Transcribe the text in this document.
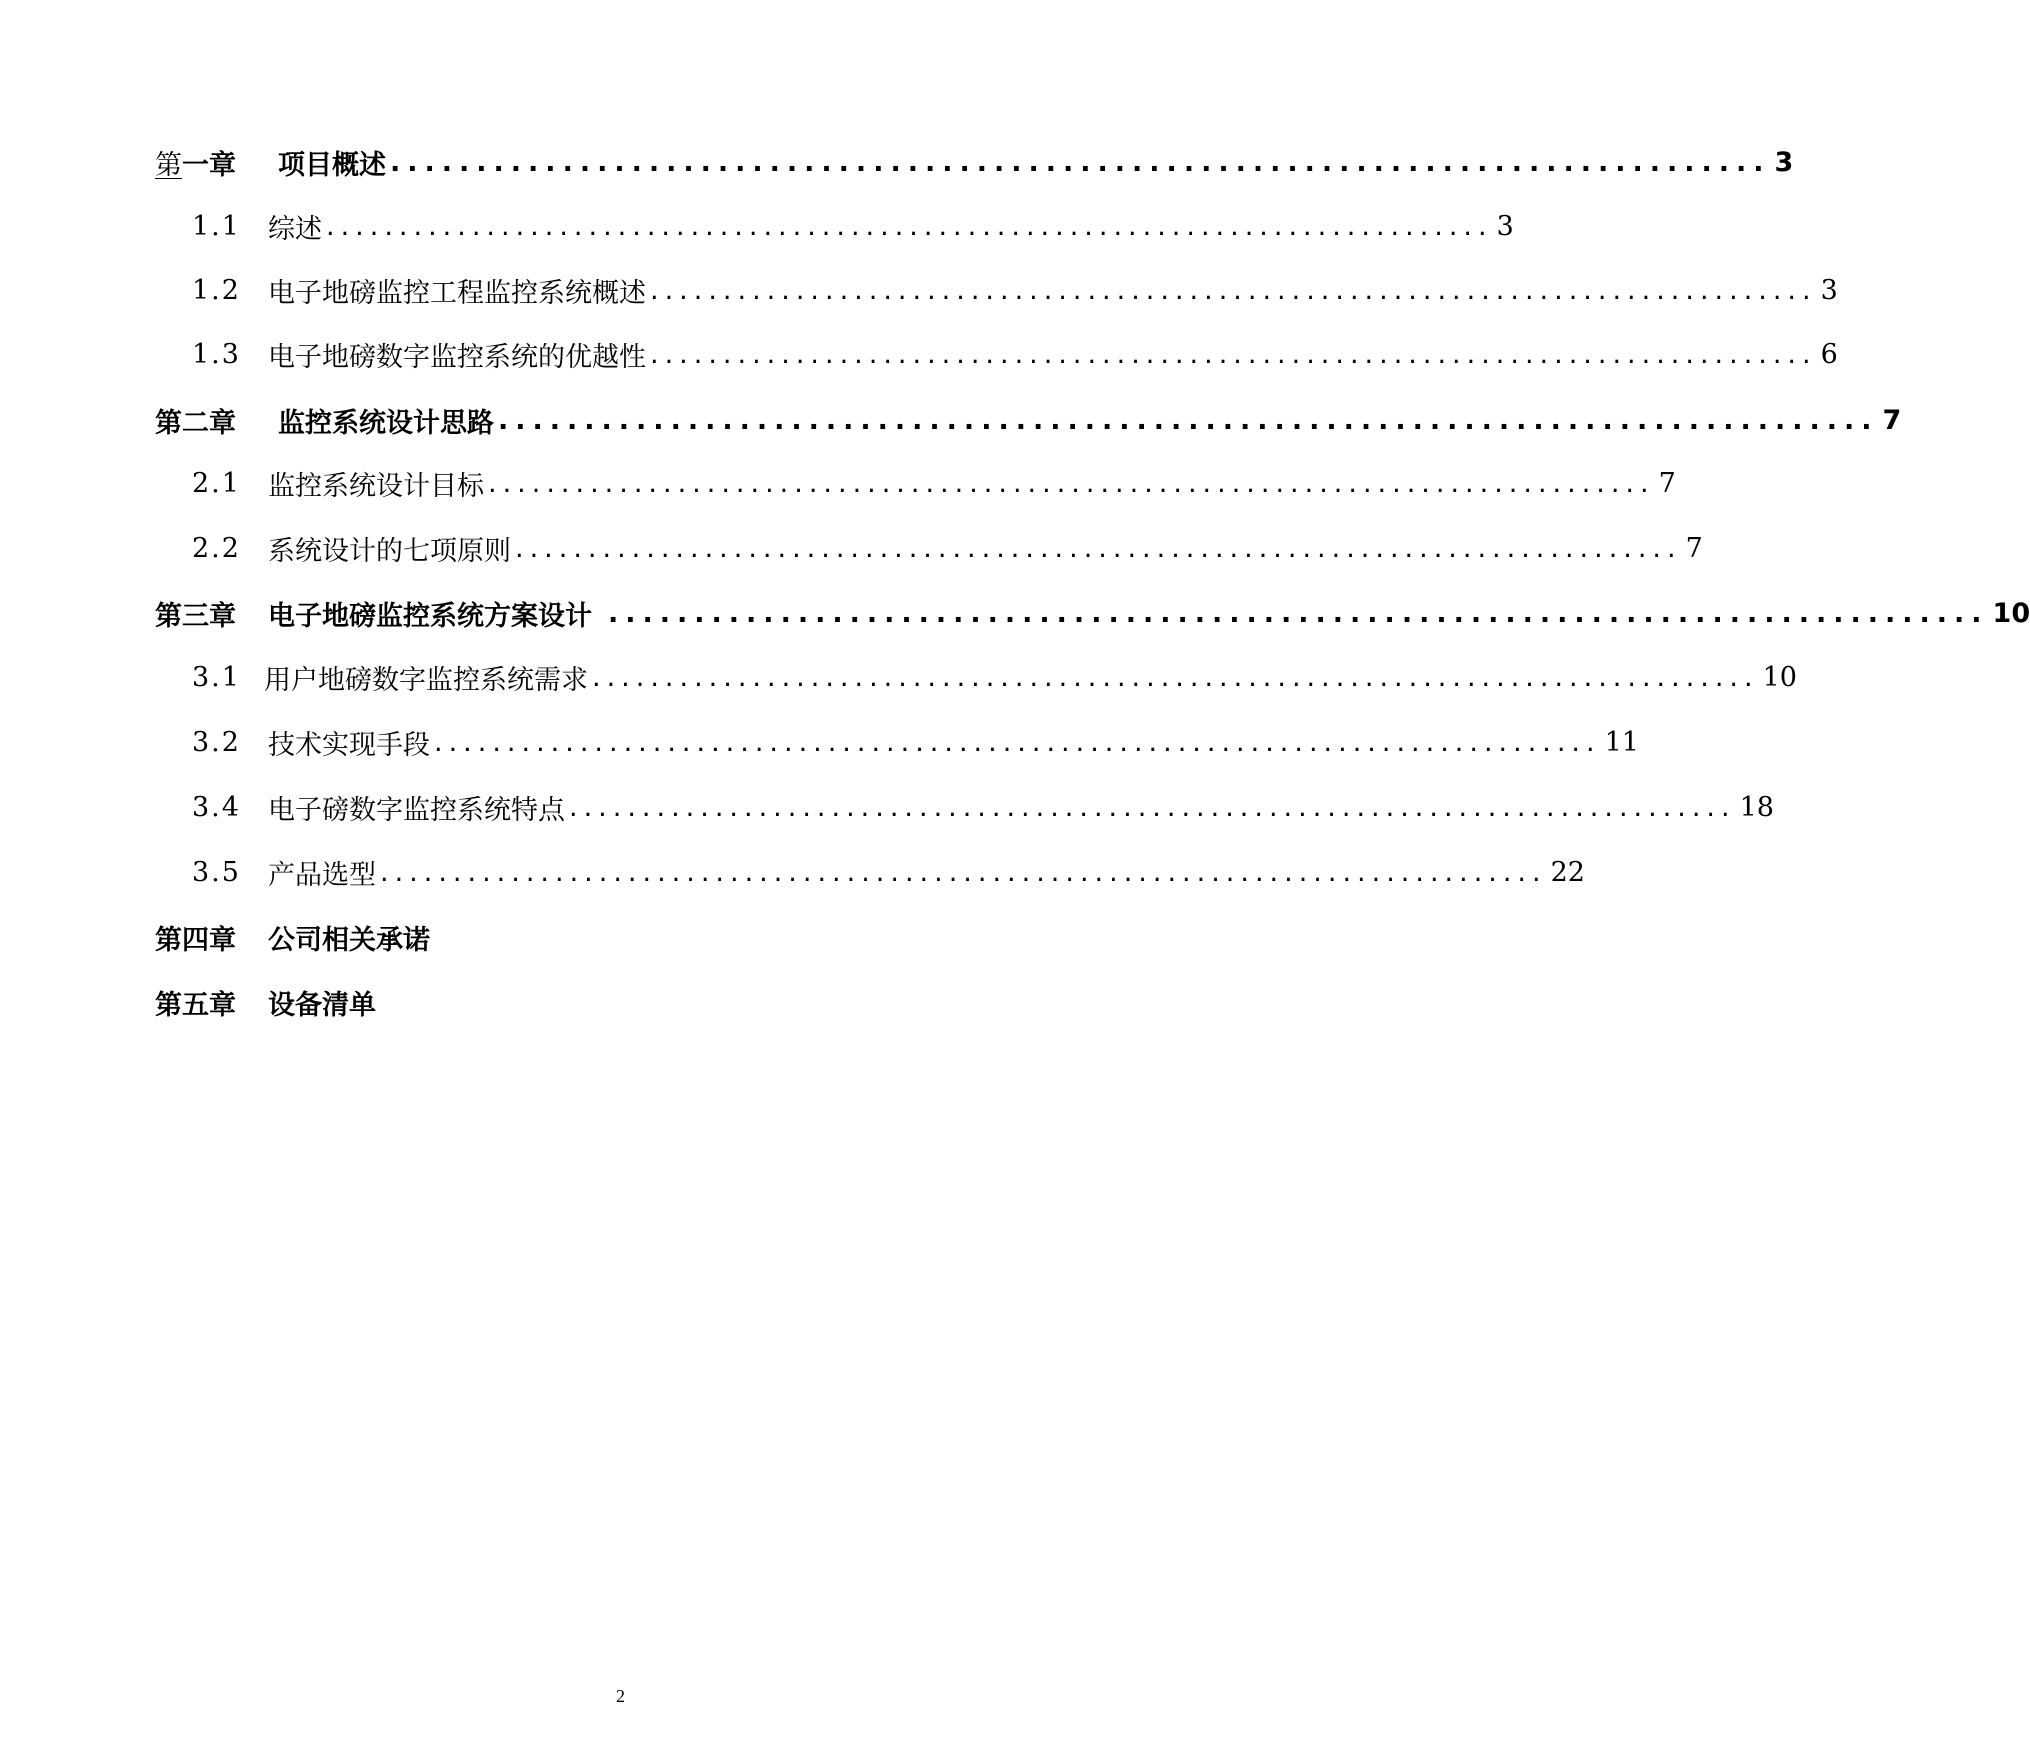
第一章	项目概述 ................................................................................ 3
1.1	综述 ................................................................................ 3
1.2	电子地磅监控工程监控系统概述 ................................................................................ 3
1.3	电子地磅数字监控系统的优越性 ................................................................................ 6
第二章	监控系统设计思路 ................................................................................ 7
2.1	监控系统设计目标 ................................................................................ 7
2.2	系统设计的七项原则 ................................................................................ 7
第三章	电子地磅监控系统方案设计 ................................................................................ 10
3.1 用户地磅数字监控系统需求 ................................................................................ 10
3.2	技术实现手段 ................................................................................ 11
3.4	电子磅数字监控系统特点 ................................................................................ 18
3.5	产品选型 ................................................................................ 22
第四章	公司相关承诺
第五章	设备清单
2
